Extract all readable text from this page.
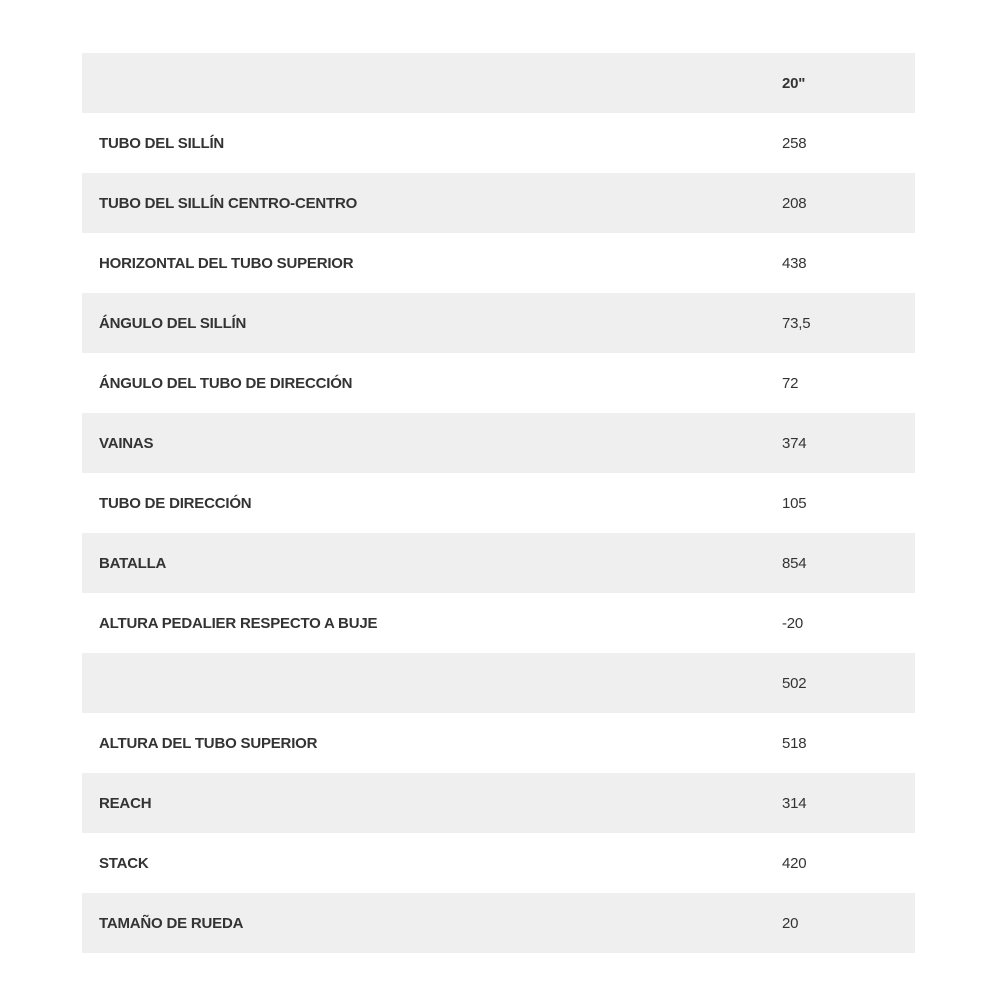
	20"
TUBO DEL SILLÍN	258
TUBO DEL SILLÍN CENTRO-CENTRO	208
HORIZONTAL DEL TUBO SUPERIOR	438
ÁNGULO DEL SILLÍN	73,5
ÁNGULO DEL TUBO DE DIRECCIÓN	72
VAINAS	374
TUBO DE DIRECCIÓN	105
BATALLA	854
ALTURA PEDALIER RESPECTO A BUJE	-20
	502
ALTURA DEL TUBO SUPERIOR	518
REACH	314
STACK	420
TAMAÑO DE RUEDA	20
